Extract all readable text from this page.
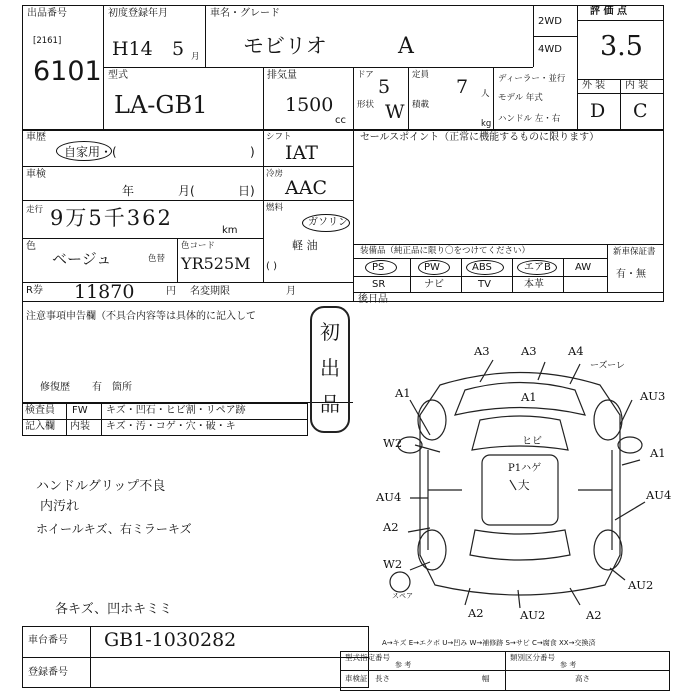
出品番号
[2161]
6101
初度登録年月
H14 5 月
車名・グレード
モビリオ	A
2WD
4WD
評 価 点
3.5
外 装 内 装
D C
型式
LA-GB1
排気量
1500
cc
ドア
5
形状 W
定員
7 人
積載
kg
ディーラー・並行
モデル 年式
ハンドル 左・右
車歴
自家用・(	)
シフト
IAT
セールスポイント（正常に機能するものに限ります）
車検
年	月(	日)
冷房
AAC
走行 9万5千362
km
燃料
ガソリン
軽 油
色
ベージュ	色替
色コード
YR525M ( )
装備品（純正品に限り〇をつけてください）
PS	PW	ABS	エアB AW
SR	ナビ	TV	本革
新車保証書
有・無
後日品
R券 11870	円 名変期限	月
注意事項申告欄（不具合内容等は具体的に記入して
修復歴 有 箇所
初 出 品
検査員
記入欄
FW キズ・凹石・ヒビ割・リペア跡
内装 キズ・汚・コゲ・穴・破・キ
ハンドルグリップ不良
内汚れ
ホイールキズ、右ミラーキズ
各キズ、凹ホキミミ
A3	A3	A4
ーズーレ
A1	A1	AU3
W2	ヒビ
P1ハゲ
大
A1
AU4	AU4
A2
W2
AU2
A2	AU2	A2
スペア
A→キズ E→エクボ U→凹み W→補修跡 S→サビ C→腐食 XX→交換済
車台番号 GB1-1030282
登録番号
型式指定番号
参 考
類別区分番号
参 考
車検証 長さ	幅	高さ
